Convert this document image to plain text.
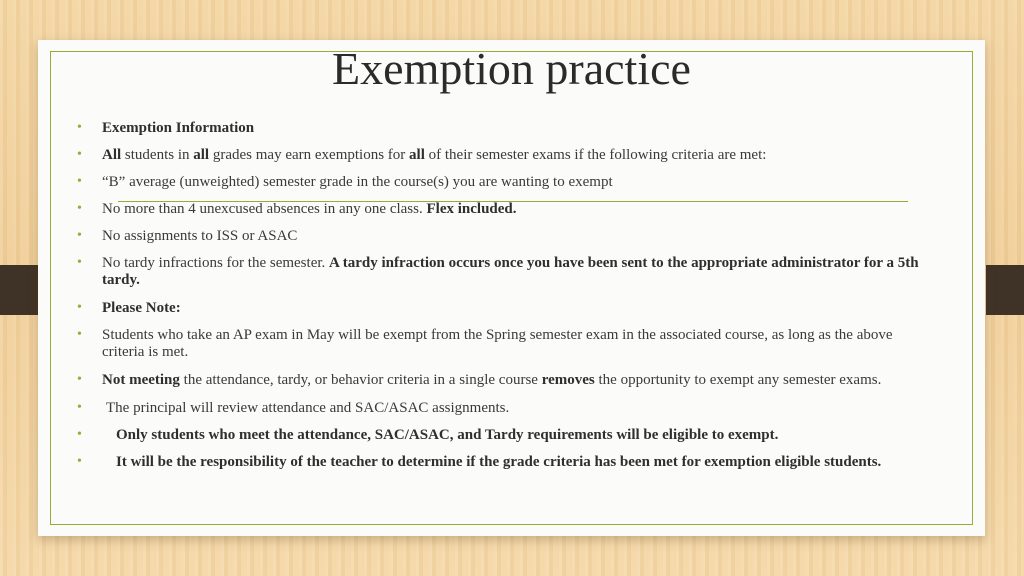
Exemption practice
• Exemption Information
• All students in all grades may earn exemptions for all of their semester exams if the following criteria are met:
• “B” average (unweighted) semester grade in the course(s) you are wanting to exempt
• No more than 4 unexcused absences in any one class. Flex included.
• No assignments to ISS or ASAC
• No tardy infractions for the semester. A tardy infraction occurs once you have been sent to the appropriate administrator for a 5th tardy.
• Please Note:
• Students who take an AP exam in May will be exempt from the Spring semester exam in the associated course, as long as the above criteria is met.
• Not meeting the attendance, tardy, or behavior criteria in a single course removes the opportunity to exempt any semester exams.
• The principal will review attendance and SAC/ASAC assignments.
• Only students who meet the attendance, SAC/ASAC, and Tardy requirements will be eligible to exempt.
• It will be the responsibility of the teacher to determine if the grade criteria has been met for exemption eligible students.
